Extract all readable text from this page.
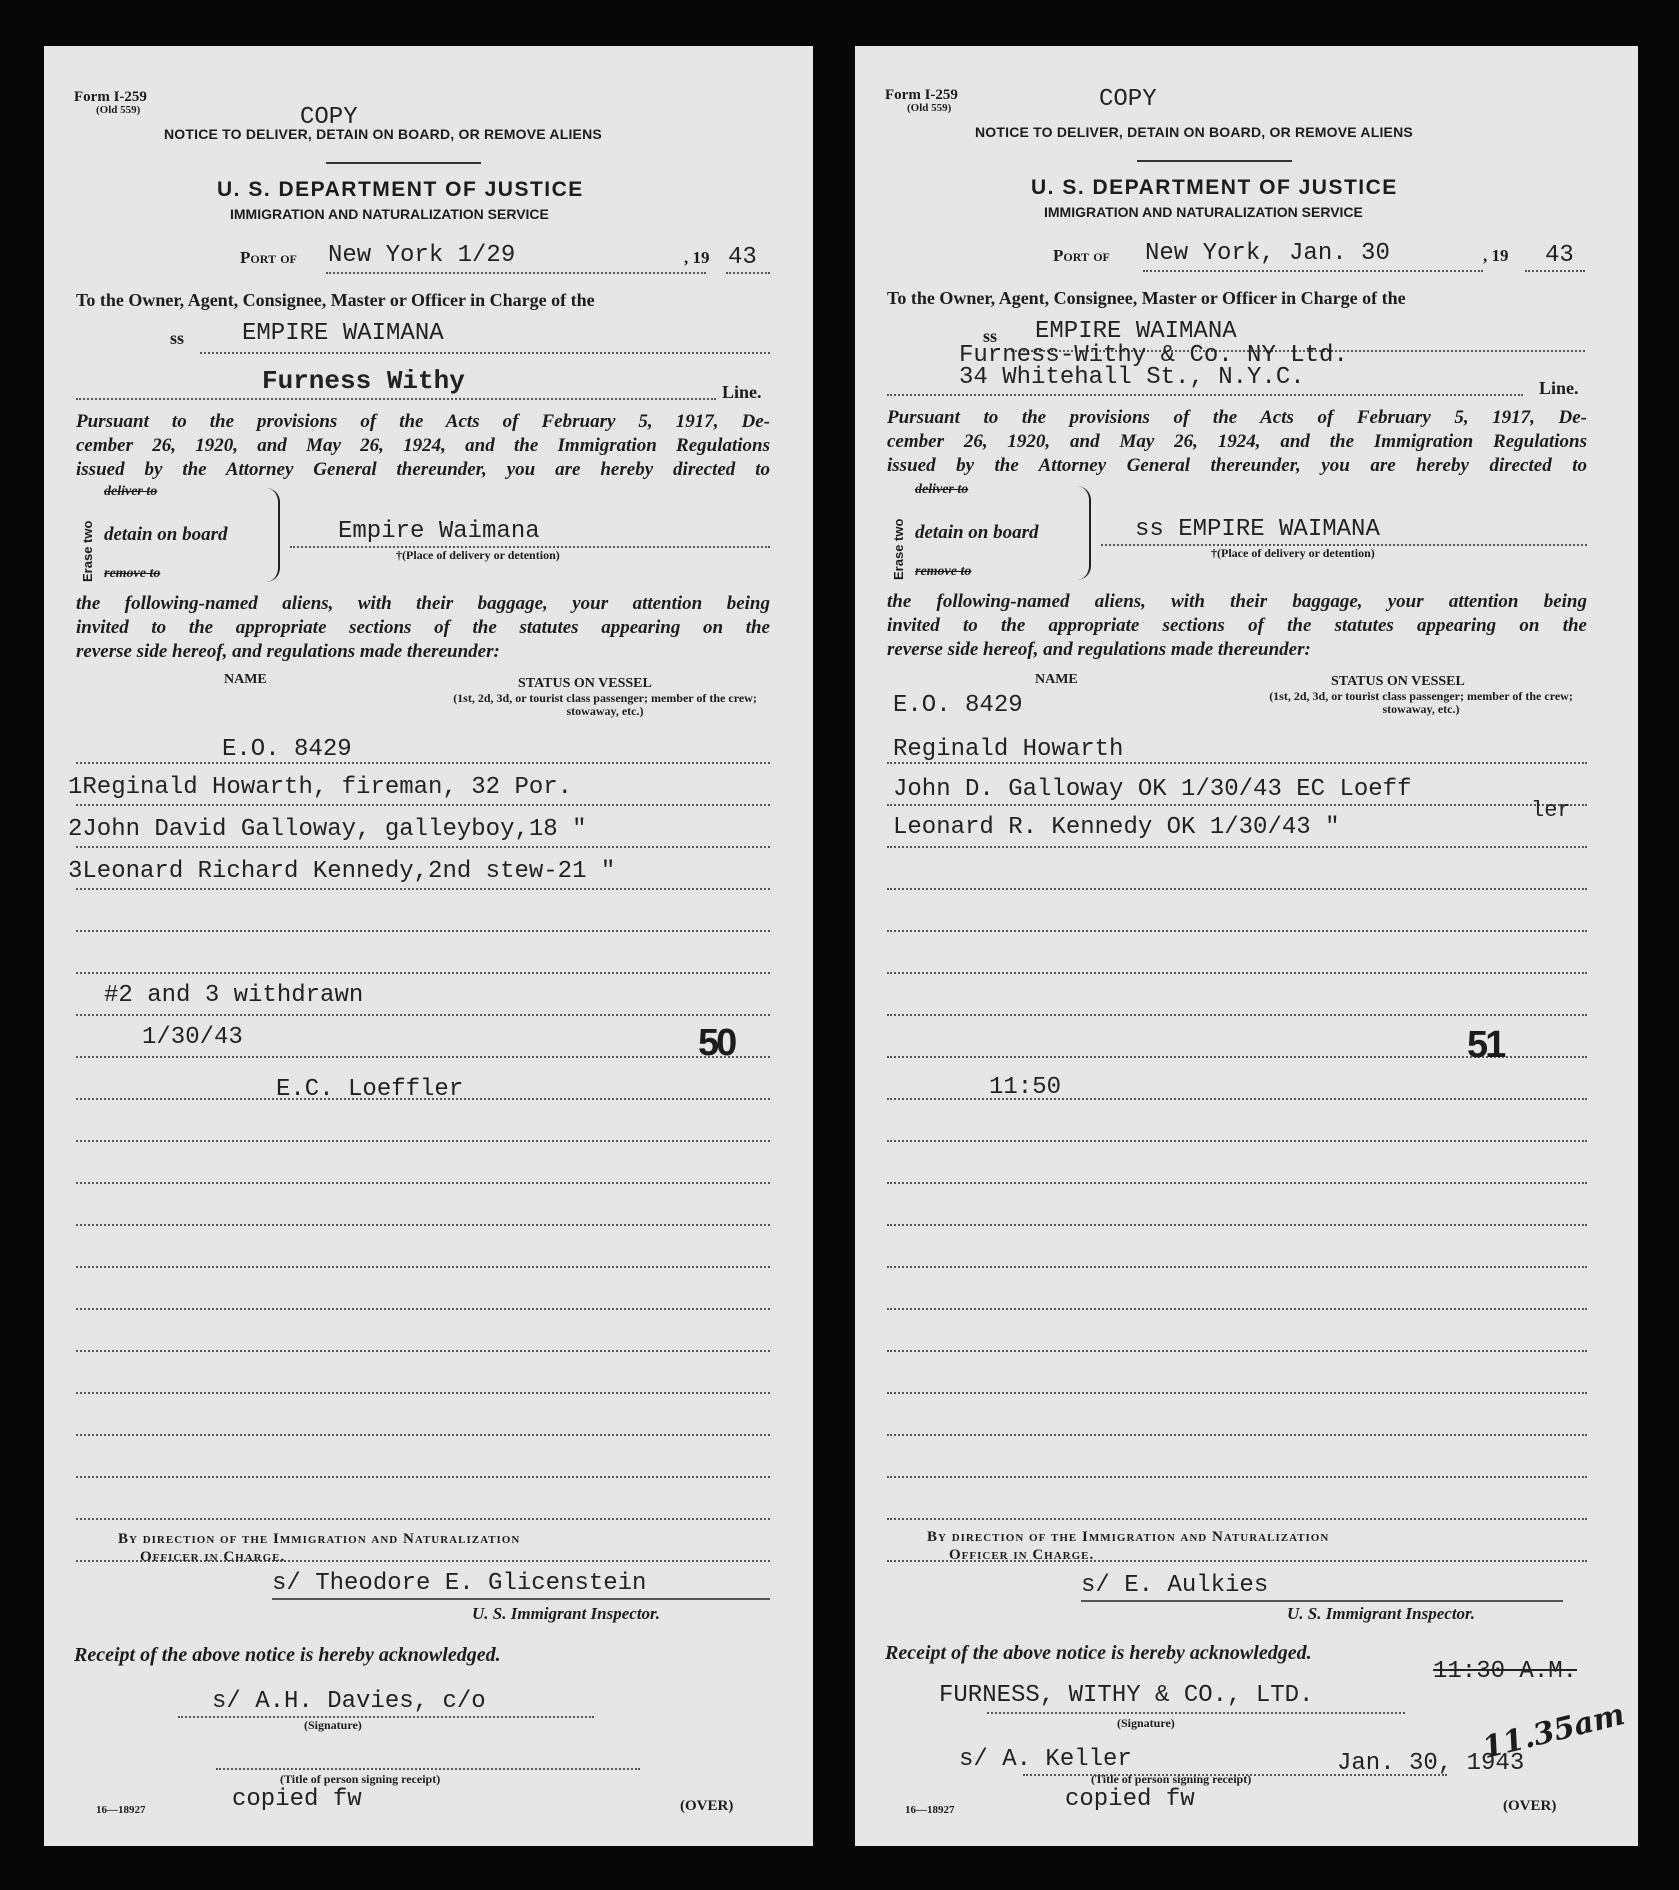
Form I-259
(Old 559)	COPY
NOTICE TO DELIVER, DETAIN ON BOARD, OR REMOVE ALIENS
U. S. DEPARTMENT OF JUSTICE
IMMIGRATION AND NATURALIZATION SERVICE
Port of New York 1/29	, 19 43
To the Owner, Agent, Consignee, Master or Officer in Charge of the
ss EMPIRE WAIMANA
Furness Withy	Line.
Pursuant to the provisions of the Acts of February 5, 1917, De-
cember 26, 1920, and May 26, 1924, and the Immigration Regulations
issued by the Attorney General thereunder, you are hereby directed to
Erase two
deliver to
detain on board
remove to
Empire Waimana
†(Place of delivery or detention)
the following-named aliens, with their baggage, your attention being
invited to the appropriate sections of the statutes appearing on the
reverse side hereof, and regulations made thereunder:
NAME	STATUS ON VESSEL
(1st, 2d, 3d, or tourist class passenger; member of the crew; stowaway, etc.)
E.O. 8429
1Reginald Howarth, fireman, 32 Por.
2John David Galloway, galleyboy,18 "
3Leonard Richard Kennedy,2nd stew-21 "
#2 and 3 withdrawn
1/30/43
E.C. Loeffler
50
By direction of the Immigration and Naturalization
Officer in Charge.
s/ Theodore E. Glicenstein
U. S. Immigrant Inspector.
Receipt of the above notice is hereby acknowledged.
s/ A.H. Davies, c/o
(Signature)
(Title of person signing receipt)
copied fw
16—18927	(OVER)
Form I-259
(Old 559)	COPY
NOTICE TO DELIVER, DETAIN ON BOARD, OR REMOVE ALIENS
U. S. DEPARTMENT OF JUSTICE
IMMIGRATION AND NATURALIZATION SERVICE
Port of New York, Jan. 30	, 19 43
To the Owner, Agent, Consignee, Master or Officer in Charge of the
ss EMPIRE WAIMANA
Furness-Withy & Co. NY Ltd.
34 Whitehall St., N.Y.C.	Line.
Pursuant to the provisions of the Acts of February 5, 1917, De-
cember 26, 1920, and May 26, 1924, and the Immigration Regulations
issued by the Attorney General thereunder, you are hereby directed to
Erase two
deliver to
detain on board
remove to
ss EMPIRE WAIMANA
†(Place of delivery or detention)
the following-named aliens, with their baggage, your attention being
invited to the appropriate sections of the statutes appearing on the
reverse side hereof, and regulations made thereunder:
NAME	STATUS ON VESSEL
(1st, 2d, 3d, or tourist class passenger; member of the crew; stowaway, etc.)
E.O. 8429
Reginald Howarth
John D. Galloway OK 1/30/43 EC Loeff
ler
Leonard R. Kennedy OK 1/30/43 "
51
11:50
By direction of the Immigration and Naturalization
Officer in Charge.
s/ E. Aulkies
U. S. Immigrant Inspector.
Receipt of the above notice is hereby acknowledged.
11:30 A.M.
11.35am
FURNESS, WITHY & CO., LTD.
(Signature)
s/ A. Keller	Jan. 30, 1943
(Title of person signing receipt)
copied fw
16—18927	(OVER)
